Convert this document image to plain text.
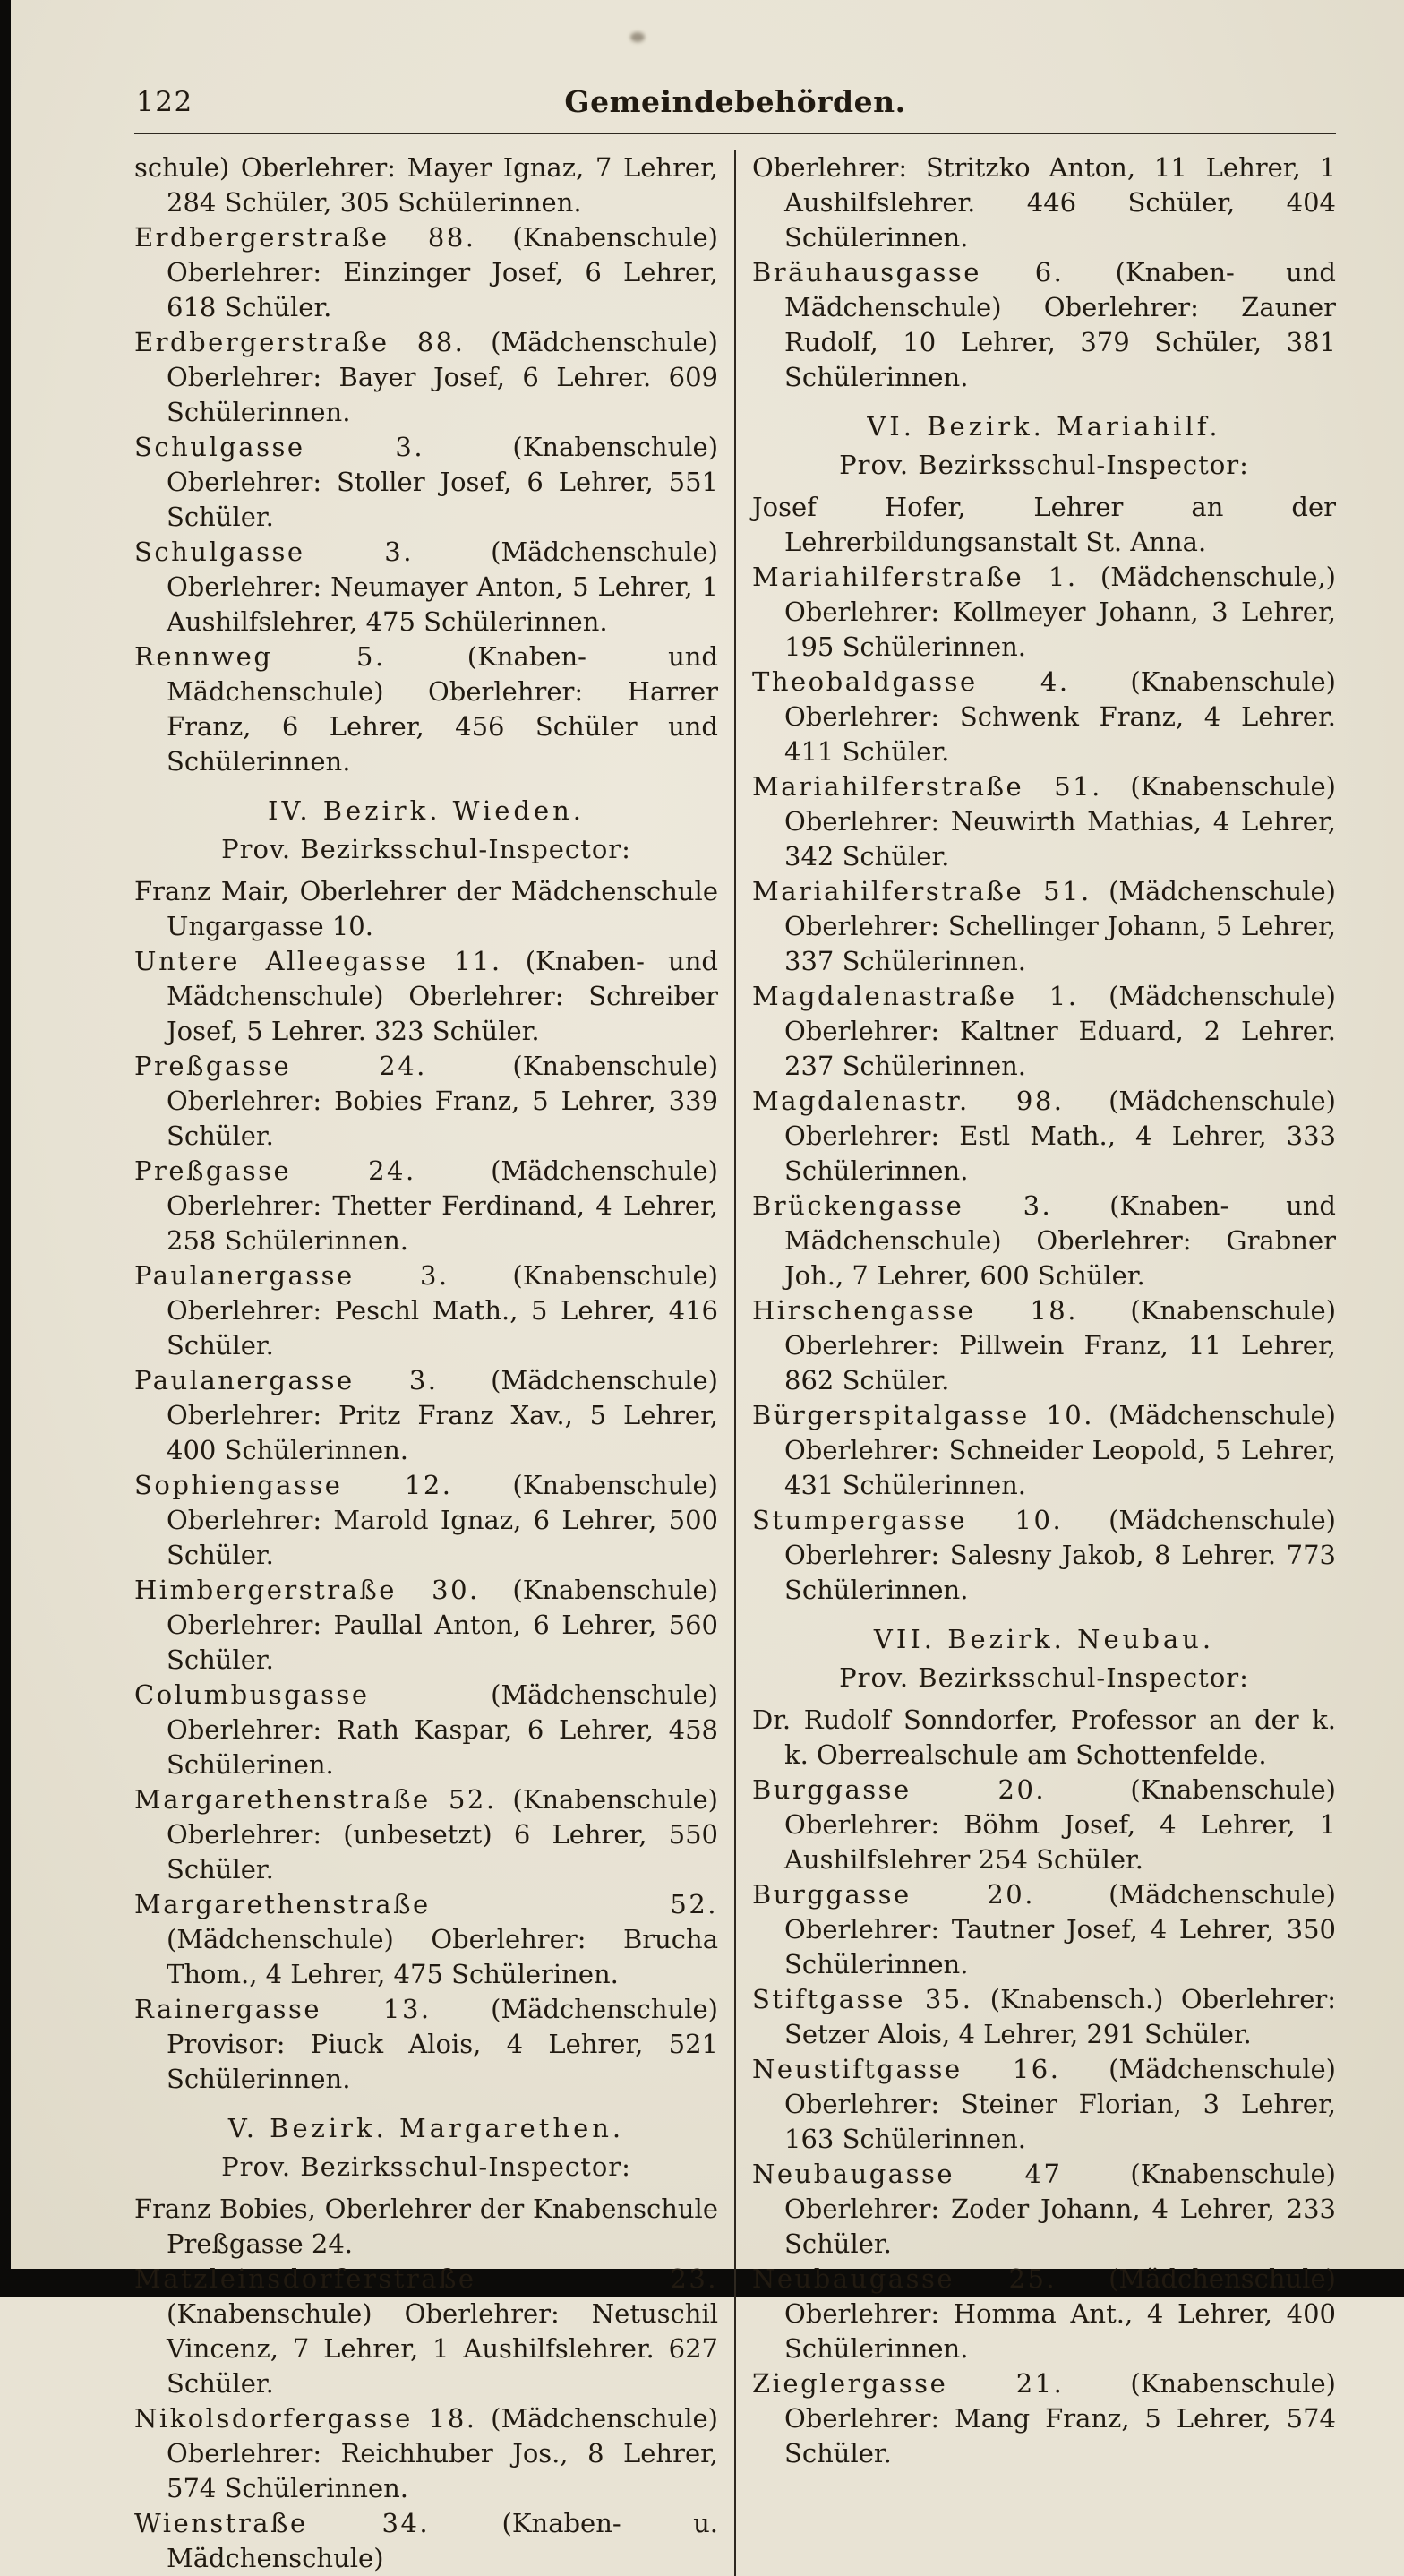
122	Gemeindebehörden.

schule) Oberlehrer: Mayer Ignaz, 7 Lehrer, 284 Schüler, 305 Schülerinnen.

Erdbergerstraße 88. (Knabenschule) Oberlehrer: Einzinger Josef, 6 Lehrer, 618 Schüler.

Erdbergerstraße 88. (Mädchenschule) Oberlehrer: Bayer Josef, 6 Lehrer. 609 Schülerinnen.

Schulgasse 3. (Knabenschule) Oberlehrer: Stoller Josef, 6 Lehrer, 551 Schüler.

Schulgasse 3. (Mädchenschule) Oberlehrer: Neumayer Anton, 5 Lehrer, 1 Aushilfslehrer, 475 Schülerinnen.

Rennweg 5. (Knaben- und Mädchenschule) Oberlehrer: Harrer Franz, 6 Lehrer, 456 Schüler und Schülerinnen.

IV. Bezirk. Wieden.

Prov. Bezirksschul-Inspector:

Franz Mair, Oberlehrer der Mädchenschule Ungargasse 10.

Untere Alleegasse 11. (Knaben- und Mädchenschule) Oberlehrer: Schreiber Josef, 5 Lehrer. 323 Schüler.

Preßgasse 24. (Knabenschule) Oberlehrer: Bobies Franz, 5 Lehrer, 339 Schüler.

Preßgasse 24. (Mädchenschule) Oberlehrer: Thetter Ferdinand, 4 Lehrer, 258 Schülerinnen.

Paulanergasse 3. (Knabenschule) Oberlehrer: Peschl Math., 5 Lehrer, 416 Schüler.

Paulanergasse 3. (Mädchenschule) Oberlehrer: Pritz Franz Xav., 5 Lehrer, 400 Schülerinnen.

Sophiengasse 12. (Knabenschule) Oberlehrer: Marold Ignaz, 6 Lehrer, 500 Schüler.

Himbergerstraße 30. (Knabenschule) Oberlehrer: Paullal Anton, 6 Lehrer, 560 Schüler.

Columbusgasse (Mädchenschule) Oberlehrer: Rath Kaspar, 6 Lehrer, 458 Schülerinen.

Margarethenstraße 52. (Knabenschule) Oberlehrer: (unbesetzt) 6 Lehrer, 550 Schüler.

Margarethenstraße 52. (Mädchenschule) Oberlehrer: Brucha Thom., 4 Lehrer, 475 Schülerinen.

Rainergasse 13. (Mädchenschule) Provisor: Piuck Alois, 4 Lehrer, 521 Schülerinnen.

V. Bezirk. Margarethen.

Prov. Bezirksschul-Inspector:

Franz Bobies, Oberlehrer der Knabenschule Preßgasse 24.

Matzleinsdorferstraße 23. (Knabenschule) Oberlehrer: Netuschil Vincenz, 7 Lehrer, 1 Aushilfslehrer. 627 Schüler.

Nikolsdorfergasse 18. (Mädchenschule) Oberlehrer: Reichhuber Jos., 8 Lehrer, 574 Schülerinnen.

Wienstraße 34. (Knaben- u. Mädchenschule)

Oberlehrer: Stritzko Anton, 11 Lehrer, 1 Aushilfslehrer. 446 Schüler, 404 Schülerinnen.

Bräuhausgasse 6. (Knaben- und Mädchenschule) Oberlehrer: Zauner Rudolf, 10 Lehrer, 379 Schüler, 381 Schülerinnen.

VI. Bezirk. Mariahilf.

Prov. Bezirksschul-Inspector:

Josef Hofer, Lehrer an der Lehrerbildungsanstalt St. Anna.

Mariahilferstraße 1. (Mädchenschule,) Oberlehrer: Kollmeyer Johann, 3 Lehrer, 195 Schülerinnen.

Theobaldgasse 4. (Knabenschule) Oberlehrer: Schwenk Franz, 4 Lehrer. 411 Schüler.

Mariahilferstraße 51. (Knabenschule) Oberlehrer: Neuwirth Mathias, 4 Lehrer, 342 Schüler.

Mariahilferstraße 51. (Mädchenschule) Oberlehrer: Schellinger Johann, 5 Lehrer, 337 Schülerinnen.

Magdalenastraße 1. (Mädchenschule) Oberlehrer: Kaltner Eduard, 2 Lehrer. 237 Schülerinnen.

Magdalenastr. 98. (Mädchenschule) Oberlehrer: Estl Math., 4 Lehrer, 333 Schülerinnen.

Brückengasse 3. (Knaben- und Mädchenschule) Oberlehrer: Grabner Joh., 7 Lehrer, 600 Schüler.

Hirschengasse 18. (Knabenschule) Oberlehrer: Pillwein Franz, 11 Lehrer, 862 Schüler.

Bürgerspitalgasse 10. (Mädchenschule) Oberlehrer: Schneider Leopold, 5 Lehrer, 431 Schülerinnen.

Stumpergasse 10. (Mädchenschule) Oberlehrer: Salesny Jakob, 8 Lehrer. 773 Schülerinnen.

VII. Bezirk. Neubau.

Prov. Bezirksschul-Inspector:

Dr. Rudolf Sonndorfer, Professor an der k. k. Oberrealschule am Schottenfelde.

Burggasse 20. (Knabenschule) Oberlehrer: Böhm Josef, 4 Lehrer, 1 Aushilfslehrer 254 Schüler.

Burggasse 20. (Mädchenschule) Oberlehrer: Tautner Josef, 4 Lehrer, 350 Schülerinnen.

Stiftgasse 35. (Knabensch.) Oberlehrer: Setzer Alois, 4 Lehrer, 291 Schüler.

Neustiftgasse 16. (Mädchenschule) Oberlehrer: Steiner Florian, 3 Lehrer, 163 Schülerinnen.

Neubaugasse 47 (Knabenschule) Oberlehrer: Zoder Johann, 4 Lehrer, 233 Schüler.

Neubaugasse 25. (Mädchenschule) Oberlehrer: Homma Ant., 4 Lehrer, 400 Schülerinnen.

Zieglergasse 21. (Knabenschule) Oberlehrer: Mang Franz, 5 Lehrer, 574 Schüler.
